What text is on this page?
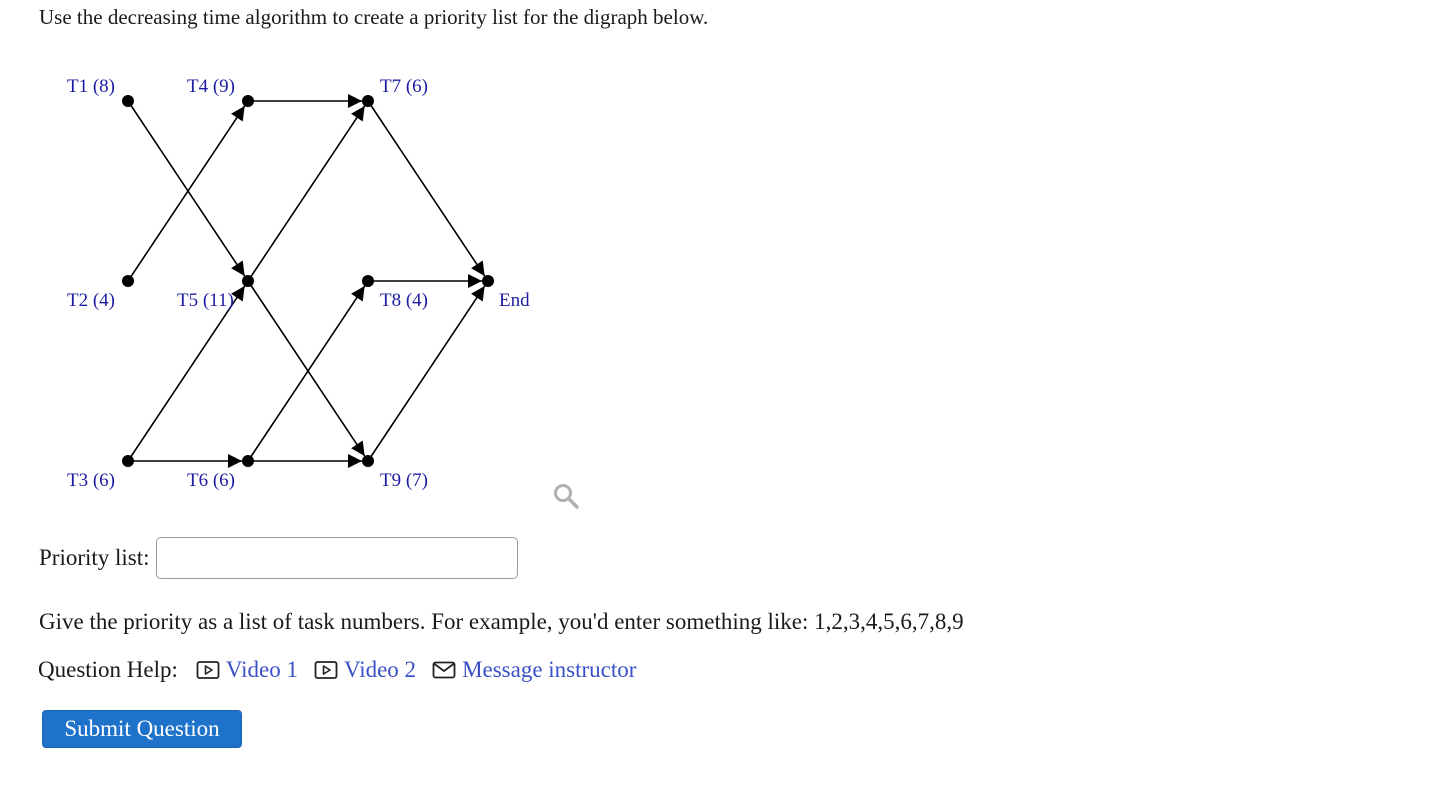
Use the decreasing time algorithm to create a priority list for the digraph below.
T1 (8)	T4 (9)	T7 (6)
T2 (4)	T5 (11)	T8 (4)	End
T3 (6)	T6 (6)	T9 (7)
Priority list:
Give the priority as a list of task numbers. For example, you'd enter something like: 1,2,3,4,5,6,7,8,9
Question Help: Video 1 Video 2 Message instructor
Submit Question
